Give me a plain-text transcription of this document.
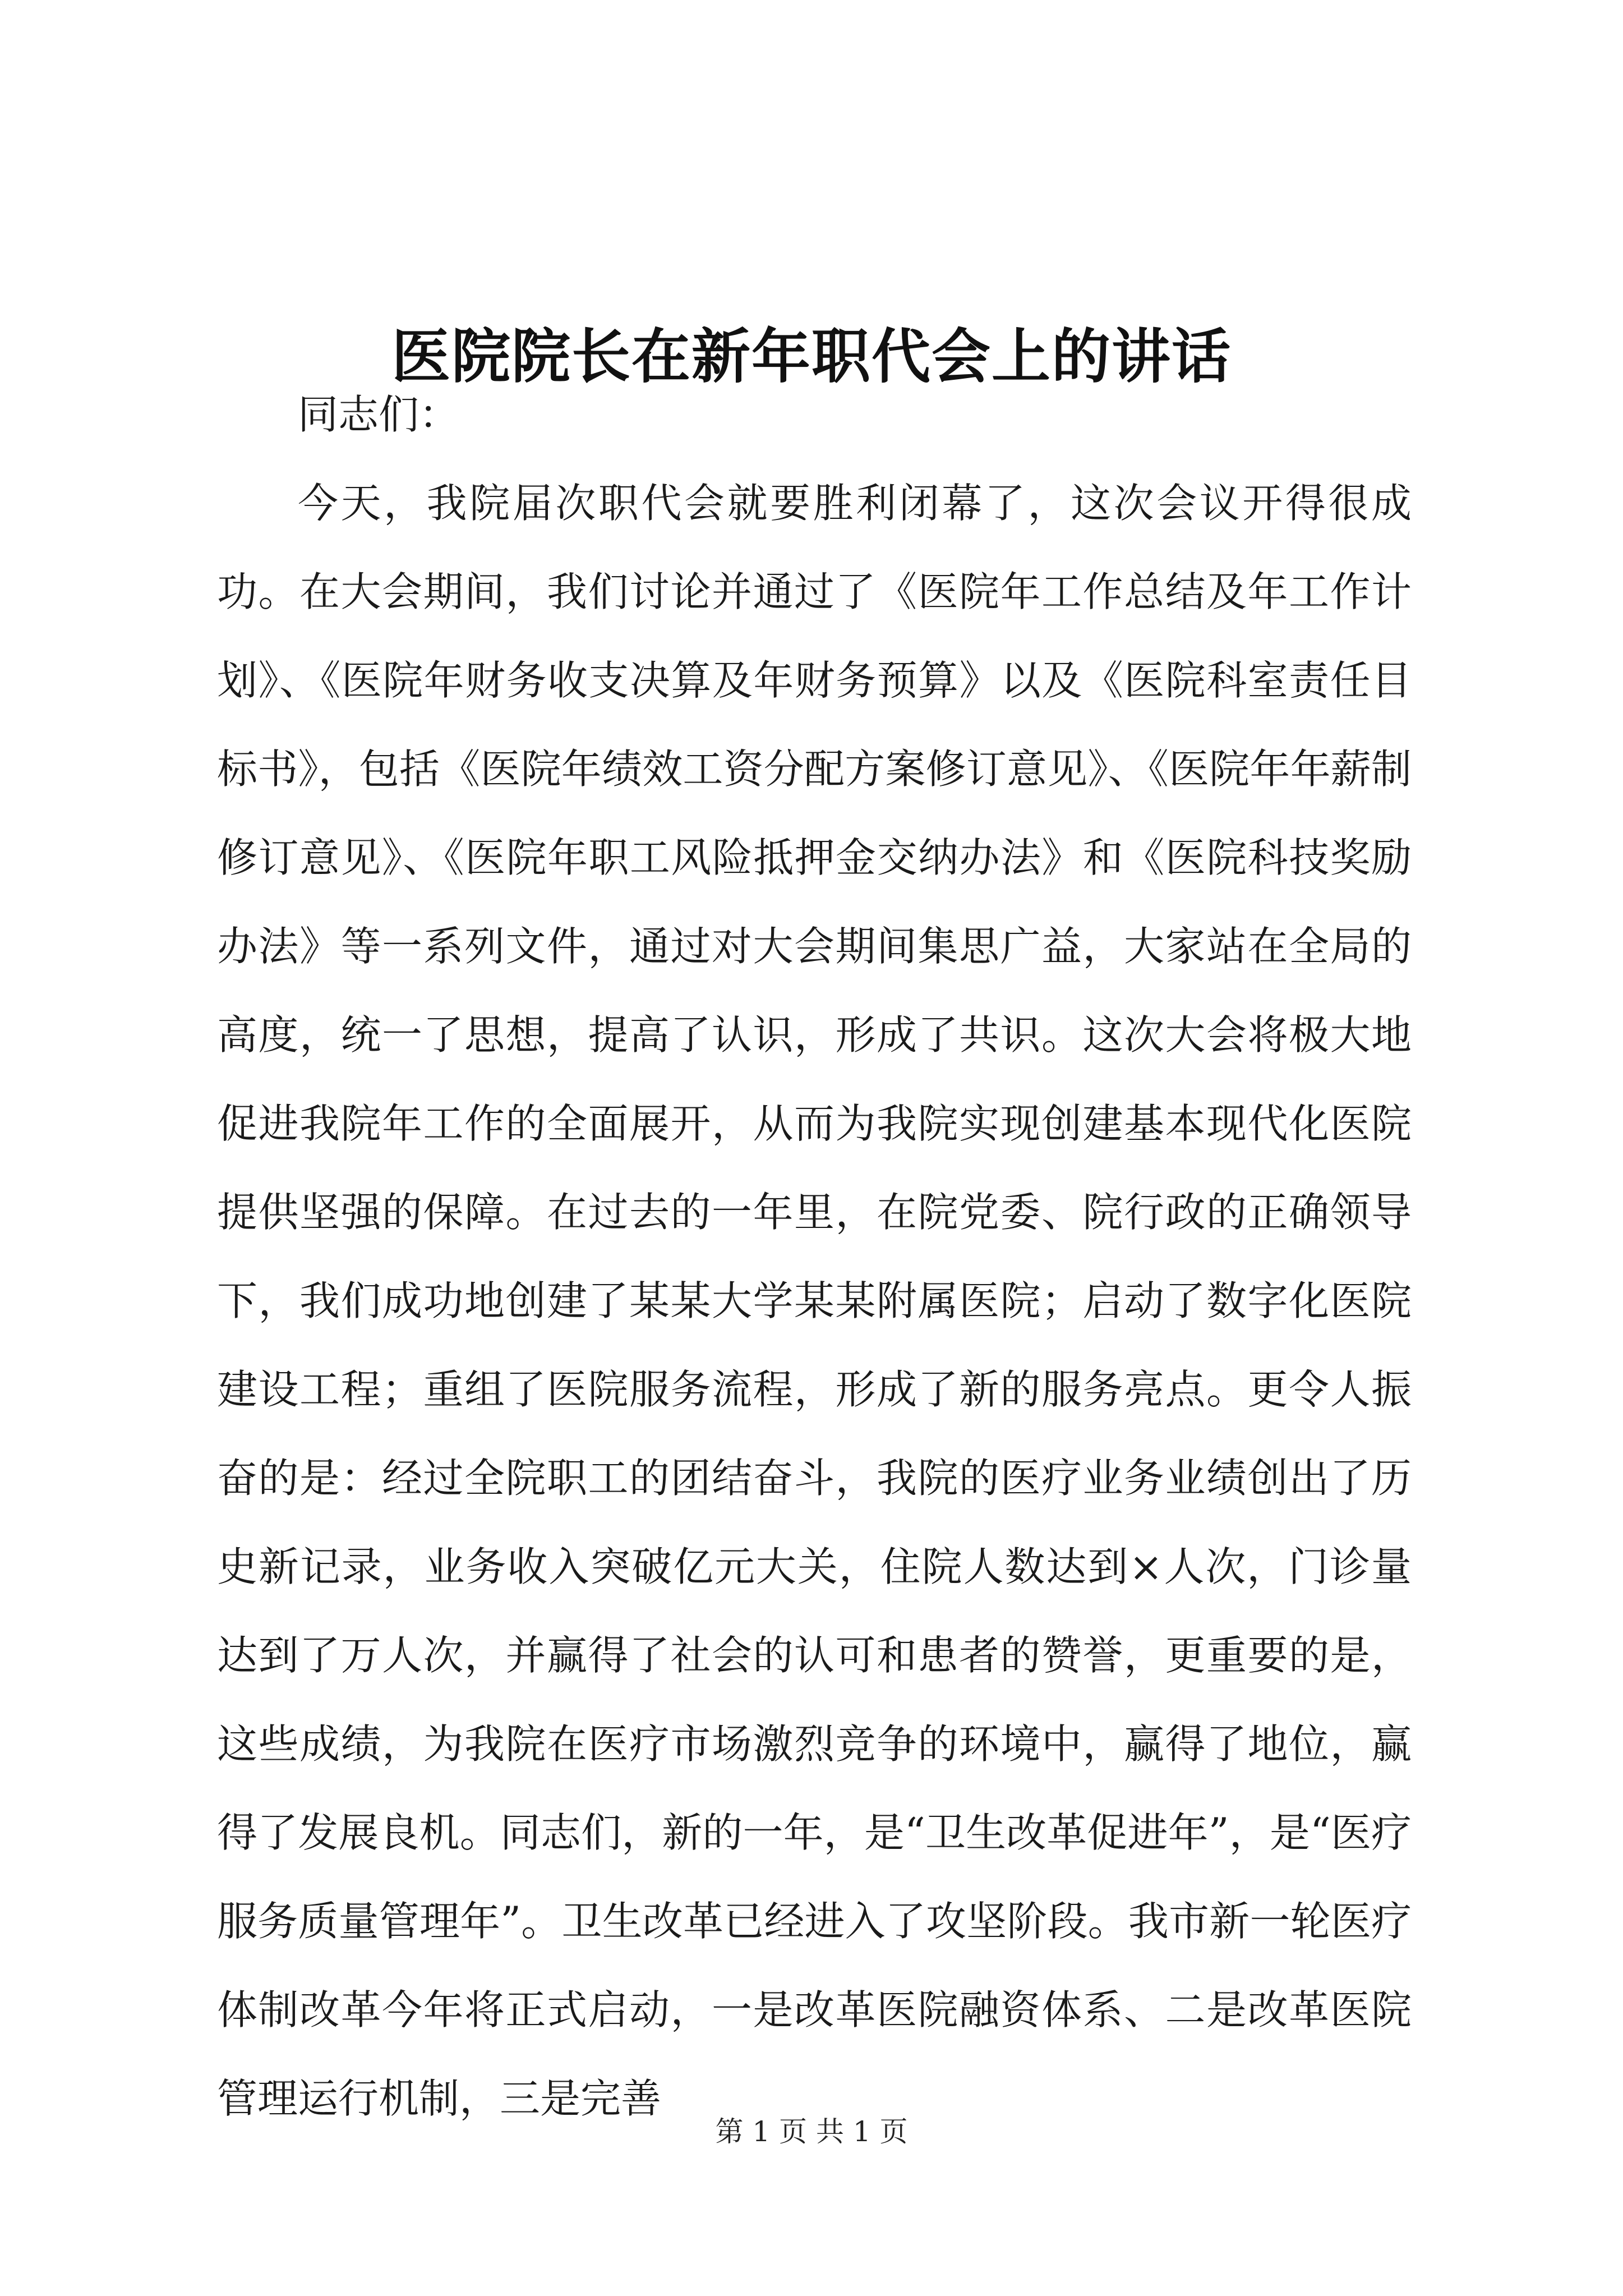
医院院长在新年职代会上的讲话
同志们：

今天，我院届次职代会就要胜利闭幕了，这次会议开得很成功。在大会期间，我们讨论并通过了《医院年工作总结及年工作计划》、《医院年财务收支决算及年财务预算》以及《医院科室责任目标书》，包括《医院年绩效工资分配方案修订意见》、《医院年年薪制修订意见》、《医院年职工风险抵押金交纳办法》和《医院科技奖励办法》等一系列文件，通过对大会期间集思广益，大家站在全局的高度，统一了思想，提高了认识，形成了共识。这次大会将极大地促进我院年工作的全面展开，从而为我院实现创建基本现代化医院提供坚强的保障。在过去的一年里，在院党委、院行政的正确领导下，我们成功地创建了某某大学某某附属医院；启动了数字化医院建设工程；重组了医院服务流程，形成了新的服务亮点。更令人振奋的是：经过全院职工的团结奋斗，我院的医疗业务业绩创出了历史新记录，业务收入突破亿元大关，住院人数达到×人次，门诊量达到了万人次，并赢得了社会的认可和患者的赞誉，更重要的是，这些成绩，为我院在医疗市场激烈竞争的环境中，赢得了地位，赢得了发展良机。同志们，新的一年，是“卫生改革促进年”，是“医疗服务质量管理年”。卫生改革已经进入了攻坚阶段。我市新一轮医疗体制改革今年将正式启动，一是改革医院融资体系、二是改革医院管理运行机制，三是完善

第 1 页 共 1 页
